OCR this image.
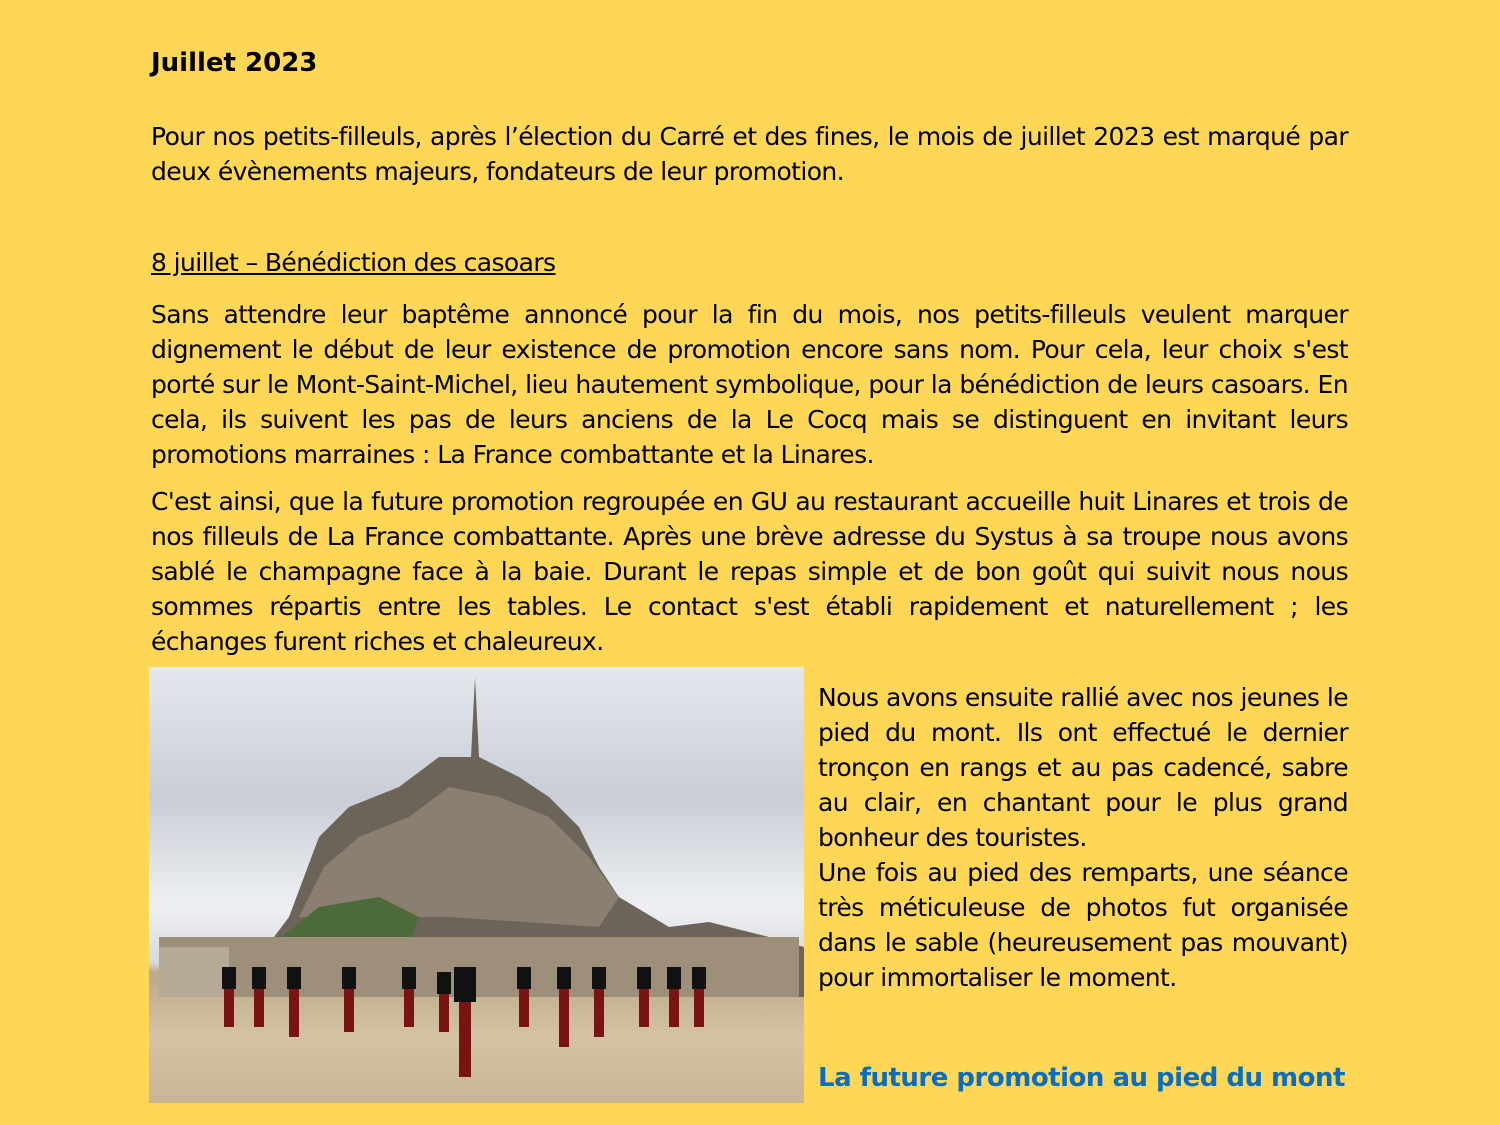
Juillet 2023

Pour nos petits-filleuls, après l’élection du Carré et des fines, le mois de juillet 2023 est marqué par deux évènements majeurs, fondateurs de leur promotion.

8 juillet – Bénédiction des casoars

Sans attendre leur baptême annoncé pour la fin du mois, nos petits-filleuls veulent marquer dignement le début de leur existence de promotion encore sans nom. Pour cela, leur choix s'est porté sur le Mont-Saint-Michel, lieu hautement symbolique, pour la bénédiction de leurs casoars. En cela, ils suivent les pas de leurs anciens de la Le Cocq mais se distinguent en invitant leurs promotions marraines : La France combattante et la Linares.

C'est ainsi, que la future promotion regroupée en GU au restaurant accueille huit Linares et trois de nos filleuls de La France combattante. Après une brève adresse du Systus à sa troupe nous avons sablé le champagne face à la baie. Durant le repas simple et de bon goût qui suivit nous nous sommes répartis entre les tables. Le contact s'est établi rapidement et naturellement ; les échanges furent riches et chaleureux.

Nous avons ensuite rallié avec nos jeunes le pied du mont. Ils ont effectué le dernier tronçon en rangs et au pas cadencé, sabre au clair, en chantant pour le plus grand bonheur des touristes.

Une fois au pied des remparts, une séance très méticuleuse de photos fut organisée dans le sable (heureusement pas mouvant) pour immortaliser le moment.

La future promotion au pied du mont
